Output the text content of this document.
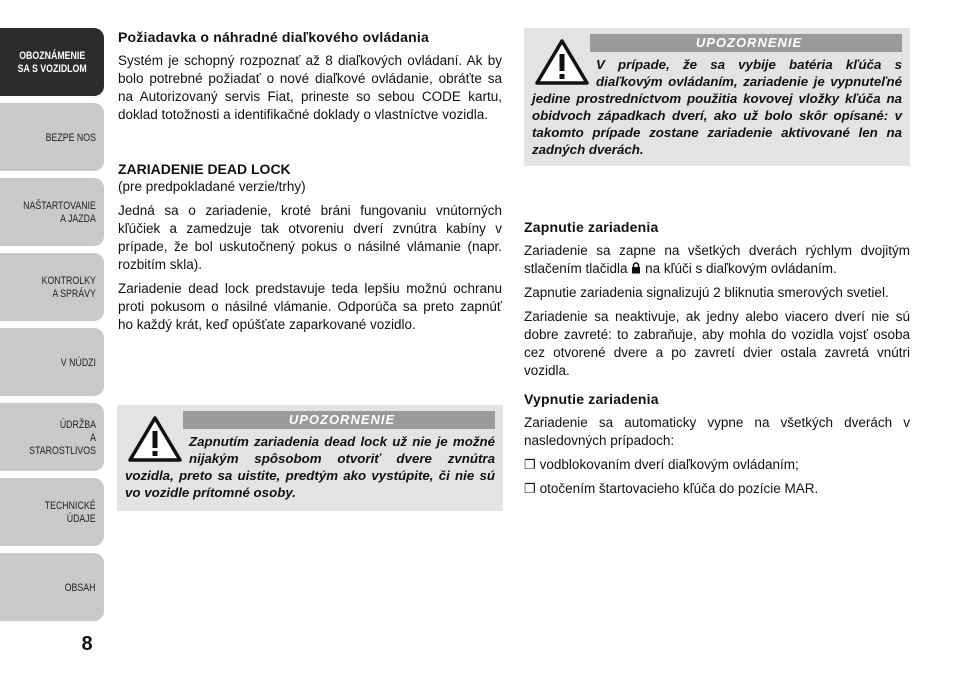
OBOZNÁMENIE
SA S VOZIDLOM
BEZPE NOS
NAŠTARTOVANIE
A JAZDA
KONTROLKY
A SPRÁVY
V NÚDZI
ÚDRŽBA
A STAROSTLIVOS
TECHNICKÉ
ÚDAJE
OBSAH
8
Požiadavka o náhradné diaľkového ovládania

Systém je schopný rozpoznať až 8 diaľkových ovládaní. Ak by bolo potrebné požiadať o nové diaľkové ovládanie, obráťte sa na Autorizovaný servis Fiat, prineste so sebou CODE kartu, doklad totožnosti a identifikačné doklady o vlastníctve vozidla.

ZARIADENIE DEAD LOCK
(pre predpokladané verzie/trhy)

Jedná sa o zariadenie, kroté bráni fungovaniu vnútorných kľúčiek a zamedzuje tak otvoreniu dverí zvnútra kabíny v prípade, že bol uskutočnený pokus o násilné vlámanie (napr. rozbitím skla).

Zariadenie dead lock predstavuje teda lepšiu možnú ochranu proti pokusom o násilné vlámanie. Odporúča sa preto zapnúť ho každý krát, keď opúšťate zaparkované vozidlo.

UPOZORNENIE
Zapnutím zariadenia dead lock už nie je možné nijakým spôsobom otvoriť dvere zvnútra vozidla, preto sa uistite, predtým ako vystúpite, či nie sú vo vozidle prítomné osoby.
UPOZORNENIE
V prípade, že sa vybije batéria kľúča s diaľkovým ovládaním, zariadenie je vypnuteľné jedine prostredníctvom použitia kovovej vložky kľúča na obidvoch západkach dverí, ako už bolo skôr opísané: v takomto prípade zostane zariadenie aktivované len na zadných dverách.
Zapnutie zariadenia

Zariadenie sa zapne na všetkých dverách rýchlym dvojitým stlačením tlačidla na kľúči s diaľkovým ovládaním.

Zapnutie zariadenia signalizujú 2 bliknutia smerových svetiel.

Zariadenie sa neaktivuje, ak jedny alebo viacero dverí nie sú dobre zavreté: to zabraňuje, aby mohla do vozidla vojsť osoba cez otvorené dvere a po zavretí dvier ostala zavretá vnútri vozidla.

Vypnutie zariadenia

Zariadenie sa automaticky vypne na všetkých dverách v nasledovných prípadoch:

❒ vodblokovaním dverí diaľkovým ovládaním;
❒ otočením štartovacieho kľúča do pozície MAR.
